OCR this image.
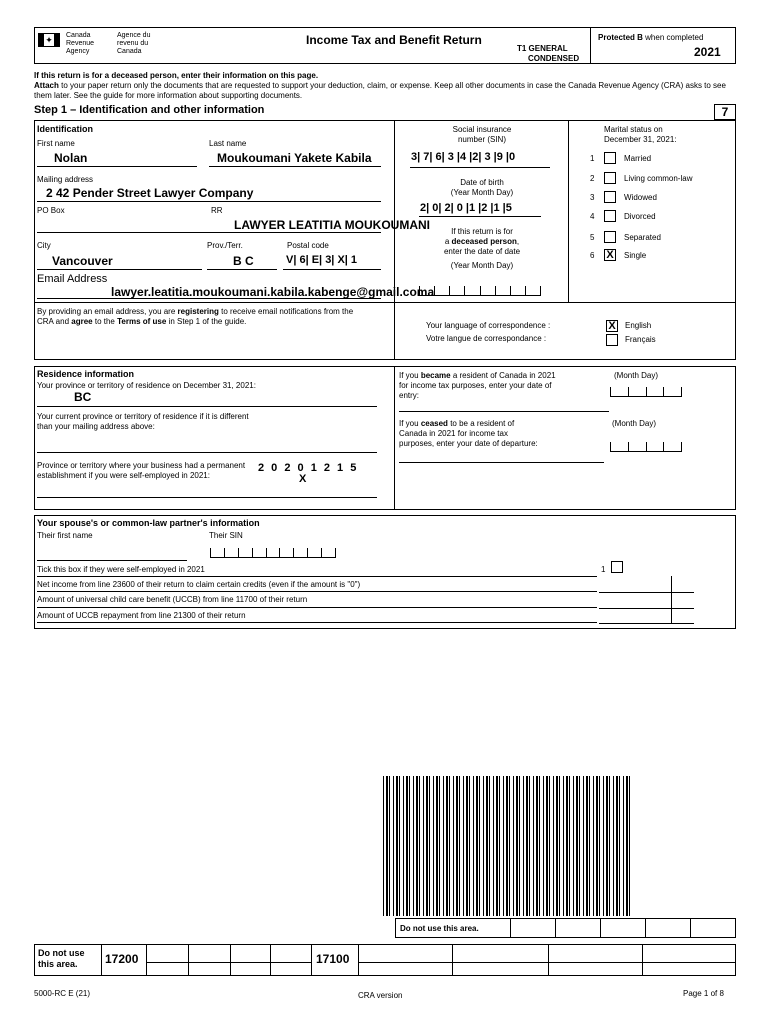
✦ Canada Revenue Agency
Agence du revenu du Canada
Income Tax and Benefit Return
T1 GENERAL
CONDENSED
Protected B when completed
2021
If this return is for a deceased person, enter their information on this page.
Attach to your paper return only the documents that are requested to support your deduction, claim, or expense. Keep all other documents in case the Canada Revenue Agency (CRA) asks to see them later. See the guide for more information about supporting documents.
Step 1 – Identification and other information	7
Identification
First name
Nolan
Last name
Moukoumani Yakete Kabila
Mailing address
2 42 Pender Street Lawyer Company
PO Box	RR
LAWYER LEATITIA MOUKOUMANI
City
Vancouver
Prov./Terr.
B C
Postal code
V| 6| E| 3| X| 1
Email Address
lawyer.leatitia.moukoumani.kabila.kabenge@gmail.coma
By providing an email address, you are registering to receive email notifications from the CRA and agree to the Terms of use in Step 1 of the guide.
Social insurance
number (SIN)
3| 7| 6| 3 |4 |2| 3 |9 |0
Date of birth
(Year Month Day)
2| 0| 2| 0 |1 |2 |1 |5
If this return is for
a deceased person,
enter the date of date
(Year Month Day)
Marital status on
December 31, 2021:
1	Married
2	Living common-law
3	Widowed
4	Divorced
5	Separated
6 X Single
Your language of correspondence :
Votre langue de correspondance :
X English
Français
Residence information
Your province or territory of residence on December 31, 2021:
BC
Your current province or territory of residence if it is different
than your mailing address above:
Province or territory where your business had a permanent
establishment if you were self-employed in 2021:
2 0 2 0 1 2 1 5
X
If you became a resident of Canada in 2021
for income tax purposes, enter your date of
entry:
(Month Day)
If you ceased to be a resident of
Canada in 2021 for income tax
purposes, enter your date of departure:
(Month Day)
Your spouse's or common-law partner's information
Their first name	Their SIN
Tick this box if they were self-employed in 2021	1
Net income from line 23600 of their return to claim certain credits (even if the amount is "0")
Amount of universal child care benefit (UCCB) from line 11700 of their return
Amount of UCCB repayment from line 21300 of their return
Do not use this area.
Do not use
this area.	17200	17100
5000-RC E (21)	CRA version	Page 1 of 8
